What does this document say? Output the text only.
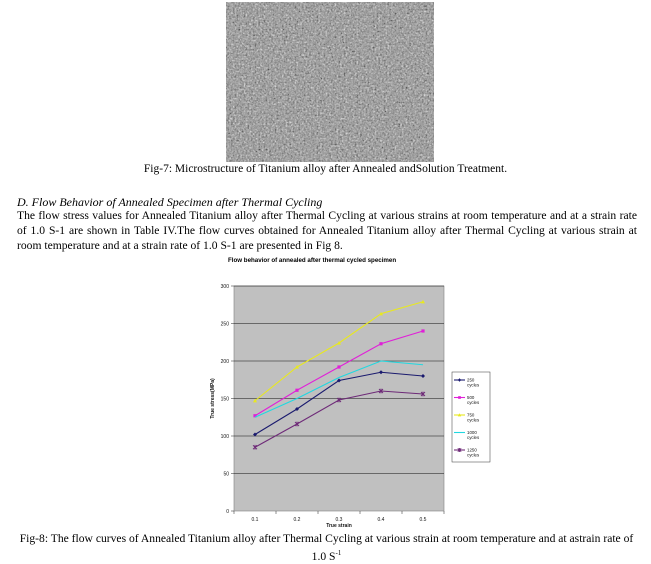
Fig-7: Microstructure of Titanium alloy after Annealed andSolution Treatment.
D. Flow Behavior of Annealed Specimen after Thermal Cycling
The flow stress values for Annealed Titanium alloy after Thermal Cycling at various strains at room temperature and at a strain rate
of 1.0 S-1 are shown in Table IV.The flow curves obtained for Annealed Titanium alloy after Thermal Cycling at various strain at
room temperature and at a strain rate of 1.0 S-1 are presented in Fig 8.
Flow behavior of annealed after thermal cycled specimen
True stress(MPa)
0
50
100
150
200
250
300
0.1	0.2	0.3	0.4	0.5
True strain
250
cycles
500
cycles
750
cycles
1000
cycles
1250
cycles
Fig-8: The flow curves of Annealed Titanium alloy after Thermal Cycling at various strain at room temperature and at astrain rate of
1.0 $S^{-1}$
